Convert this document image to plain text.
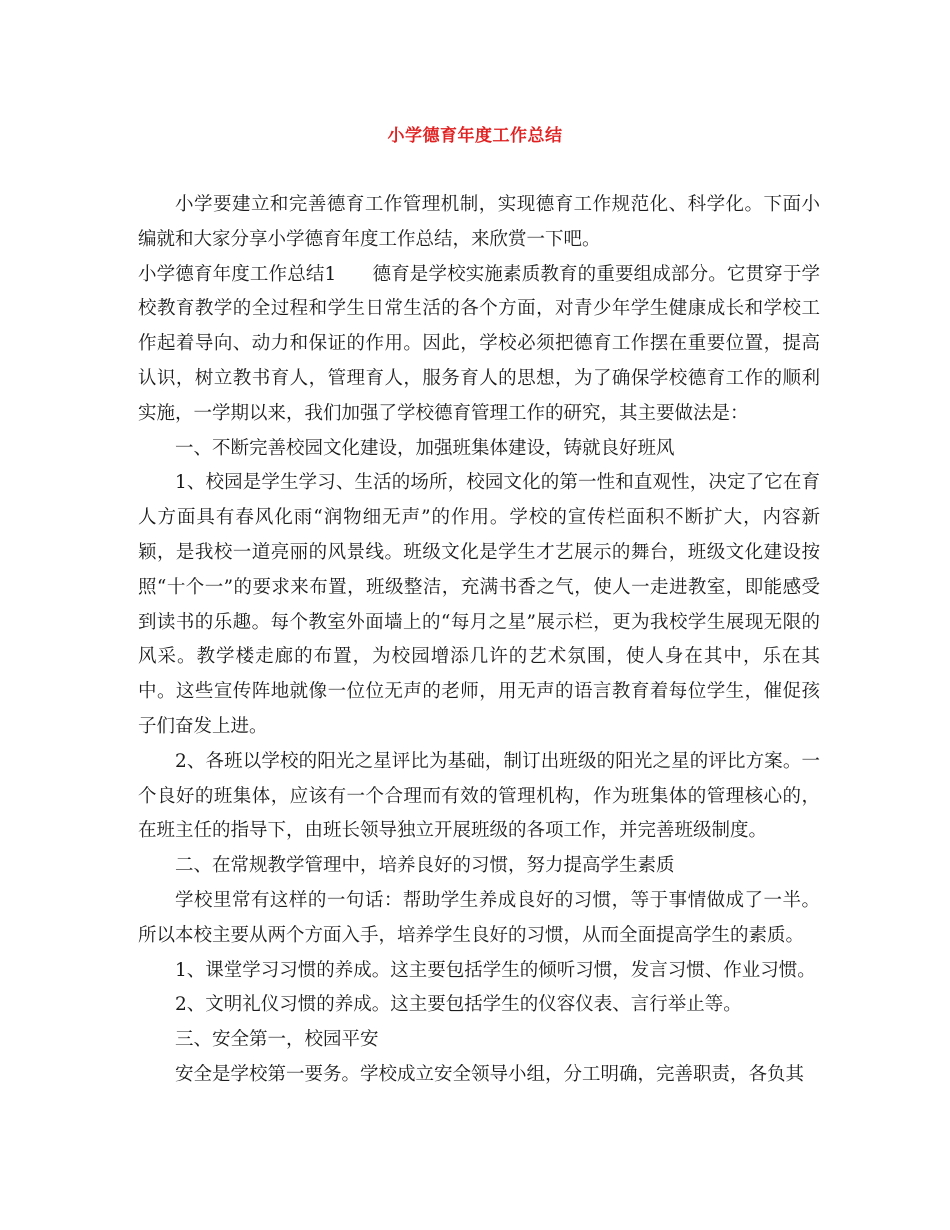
小学德育年度工作总结

小学要建立和完善德育工作管理机制，实现德育工作规范化、科学化。下面小编就和大家分享小学德育年度工作总结，来欣赏一下吧。

小学德育年度工作总结1 德育是学校实施素质教育的重要组成部分。它贯穿于学校教育教学的全过程和学生日常生活的各个方面，对青少年学生健康成长和学校工作起着导向、动力和保证的作用。因此，学校必须把德育工作摆在重要位置，提高认识，树立教书育人，管理育人，服务育人的思想，为了确保学校德育工作的顺利实施，一学期以来，我们加强了学校德育管理工作的研究，其主要做法是：

一、不断完善校园文化建设，加强班集体建设，铸就良好班风

1、校园是学生学习、生活的场所，校园文化的第一性和直观性，决定了它在育人方面具有春风化雨“润物细无声”的作用。学校的宣传栏面积不断扩大，内容新颖，是我校一道亮丽的风景线。班级文化是学生才艺展示的舞台，班级文化建设按照“十个一”的要求来布置，班级整洁，充满书香之气，使人一走进教室，即能感受到读书的乐趣。每个教室外面墙上的“每月之星”展示栏，更为我校学生展现无限的风采。教学楼走廊的布置，为校园增添几许的艺术氛围，使人身在其中，乐在其中。这些宣传阵地就像一位位无声的老师，用无声的语言教育着每位学生，催促孩子们奋发上进。

2、各班以学校的阳光之星评比为基础，制订出班级的阳光之星的评比方案。一个良好的班集体，应该有一个合理而有效的管理机构，作为班集体的管理核心的，在班主任的指导下，由班长领导独立开展班级的各项工作，并完善班级制度。

二、在常规教学管理中，培养良好的习惯，努力提高学生素质

学校里常有这样的一句话：帮助学生养成良好的习惯，等于事情做成了一半。所以本校主要从两个方面入手，培养学生良好的习惯，从而全面提高学生的素质。

1、课堂学习习惯的养成。这主要包括学生的倾听习惯，发言习惯、作业习惯。

2、文明礼仪习惯的养成。这主要包括学生的仪容仪表、言行举止等。

三、安全第一，校园平安

安全是学校第一要务。学校成立安全领导小组，分工明确，完善职责，各负其
